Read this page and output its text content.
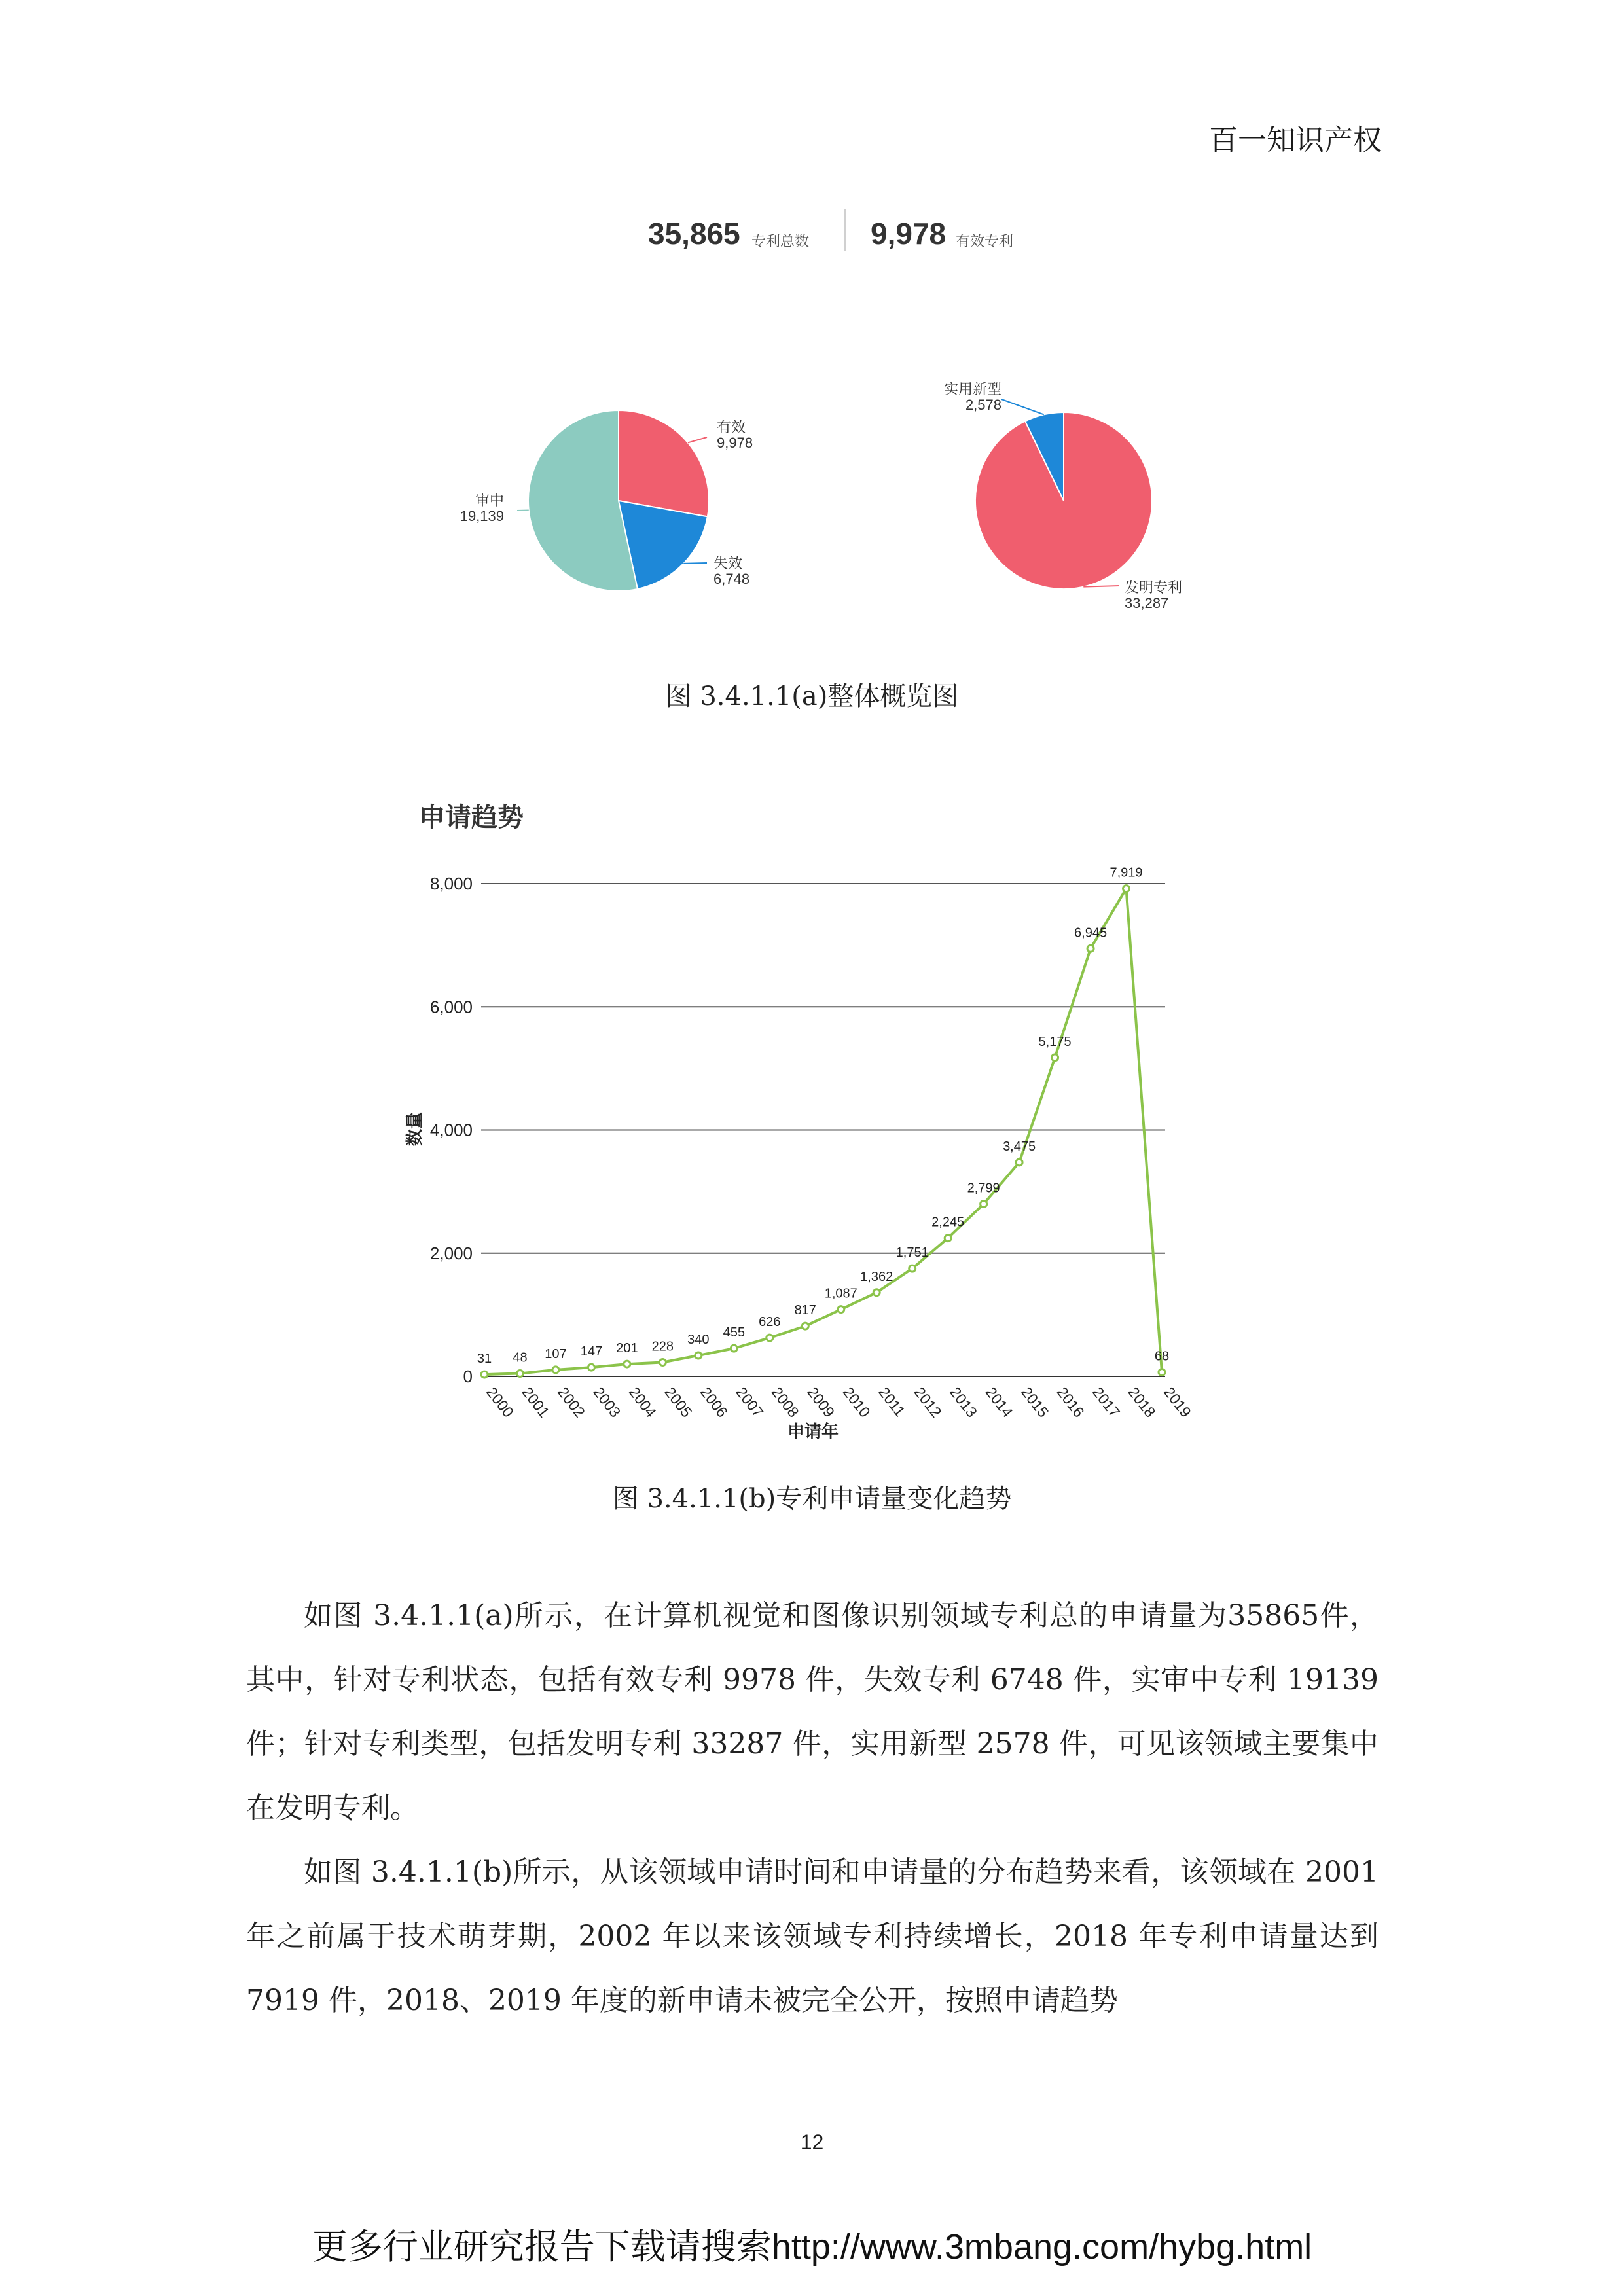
百一知识产权
35,865 专利总数 9,978 有效专利
有效
9,978
失效
6,748
审中
19,139
发明专利
33,287
实用新型
2,578
图 3.4.1.1(a)整体概览图
申请趋势
0
2,000
4,000
6,000
8,000
数量
31 48 107 147 201 228 340 455
626
817
1,087
1,362
1,751
2,245
2,799
3,475
5,175
6,945
7,919
68
2000 2001 2002 2003 2004 2005 2006 2007 2008 2009 2010 2011 2012 2013 2014 2015 2016 2017 2018 2019
申请年
图 3.4.1.1(b)专利申请量变化趋势
如图 3.4.1.1(a)所示，在计算机视觉和图像识别领域专利总的申请量为35865件，其中，针对专利状态，包括有效专利 9978 件，失效专利 6748 件，实审中专利 19139 件；针对专利类型，包括发明专利 33287 件，实用新型 2578 件，可见该领域主要集中在发明专利。
如图 3.4.1.1(b)所示，从该领域申请时间和申请量的分布趋势来看，该领域在 2001 年之前属于技术萌芽期，2002 年以来该领域专利持续增长，2018 年专利申请量达到 7919 件，2018、2019 年度的新申请未被完全公开，按照申请趋势
12
更多行业研究报告下载请搜索http://www.3mbang.com/hybg.html
